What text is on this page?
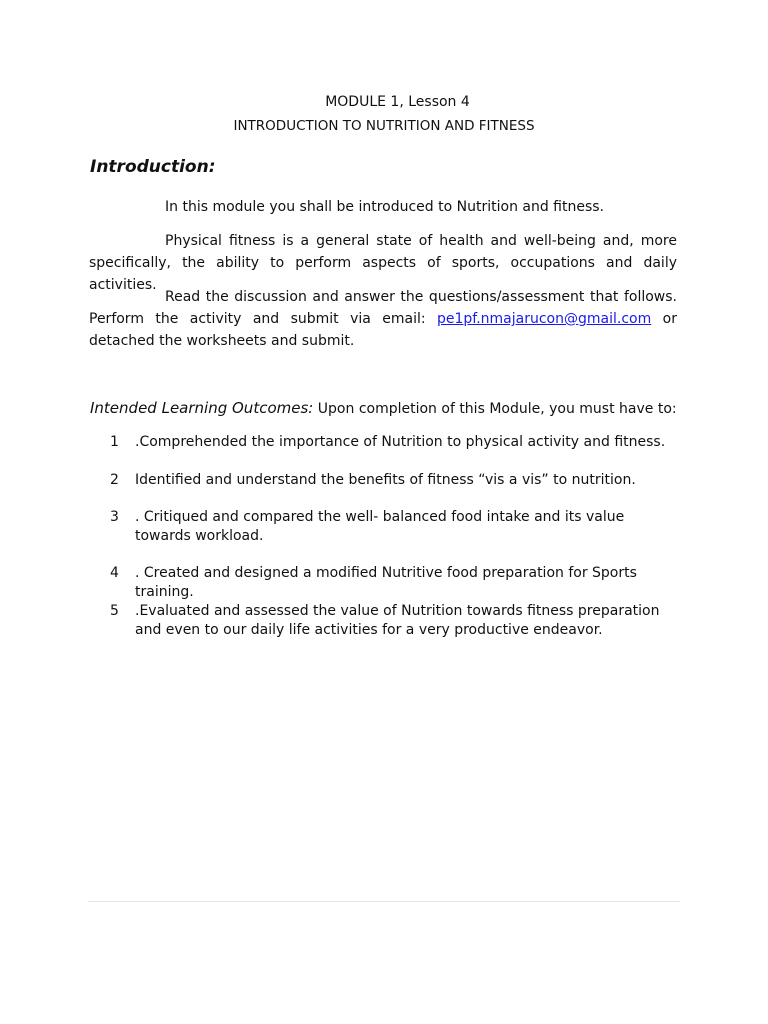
MODULE 1, Lesson 4
INTRODUCTION TO NUTRITION AND FITNESS
Introduction:
In this module you shall be introduced to Nutrition and fitness.
Physical fitness is a general state of health and well-being and, more specifically, the ability to perform aspects of sports, occupations and daily activities.
Read the discussion and answer the questions/assessment that follows. Perform the activity and submit via email: pe1pf.nmajarucon@gmail.com or detached the worksheets and submit.
Intended Learning Outcomes: Upon completion of this Module, you must have to:
1	.Comprehended the importance of Nutrition to physical activity and fitness.
2	Identified and understand the benefits of fitness “vis a vis” to nutrition.
3	. Critiqued and compared the well- balanced food intake and its value towards workload.
4	. Created and designed a modified Nutritive food preparation for Sports training.
5	.Evaluated and assessed the value of Nutrition towards fitness preparation and even to our daily life activities for a very productive endeavor.
